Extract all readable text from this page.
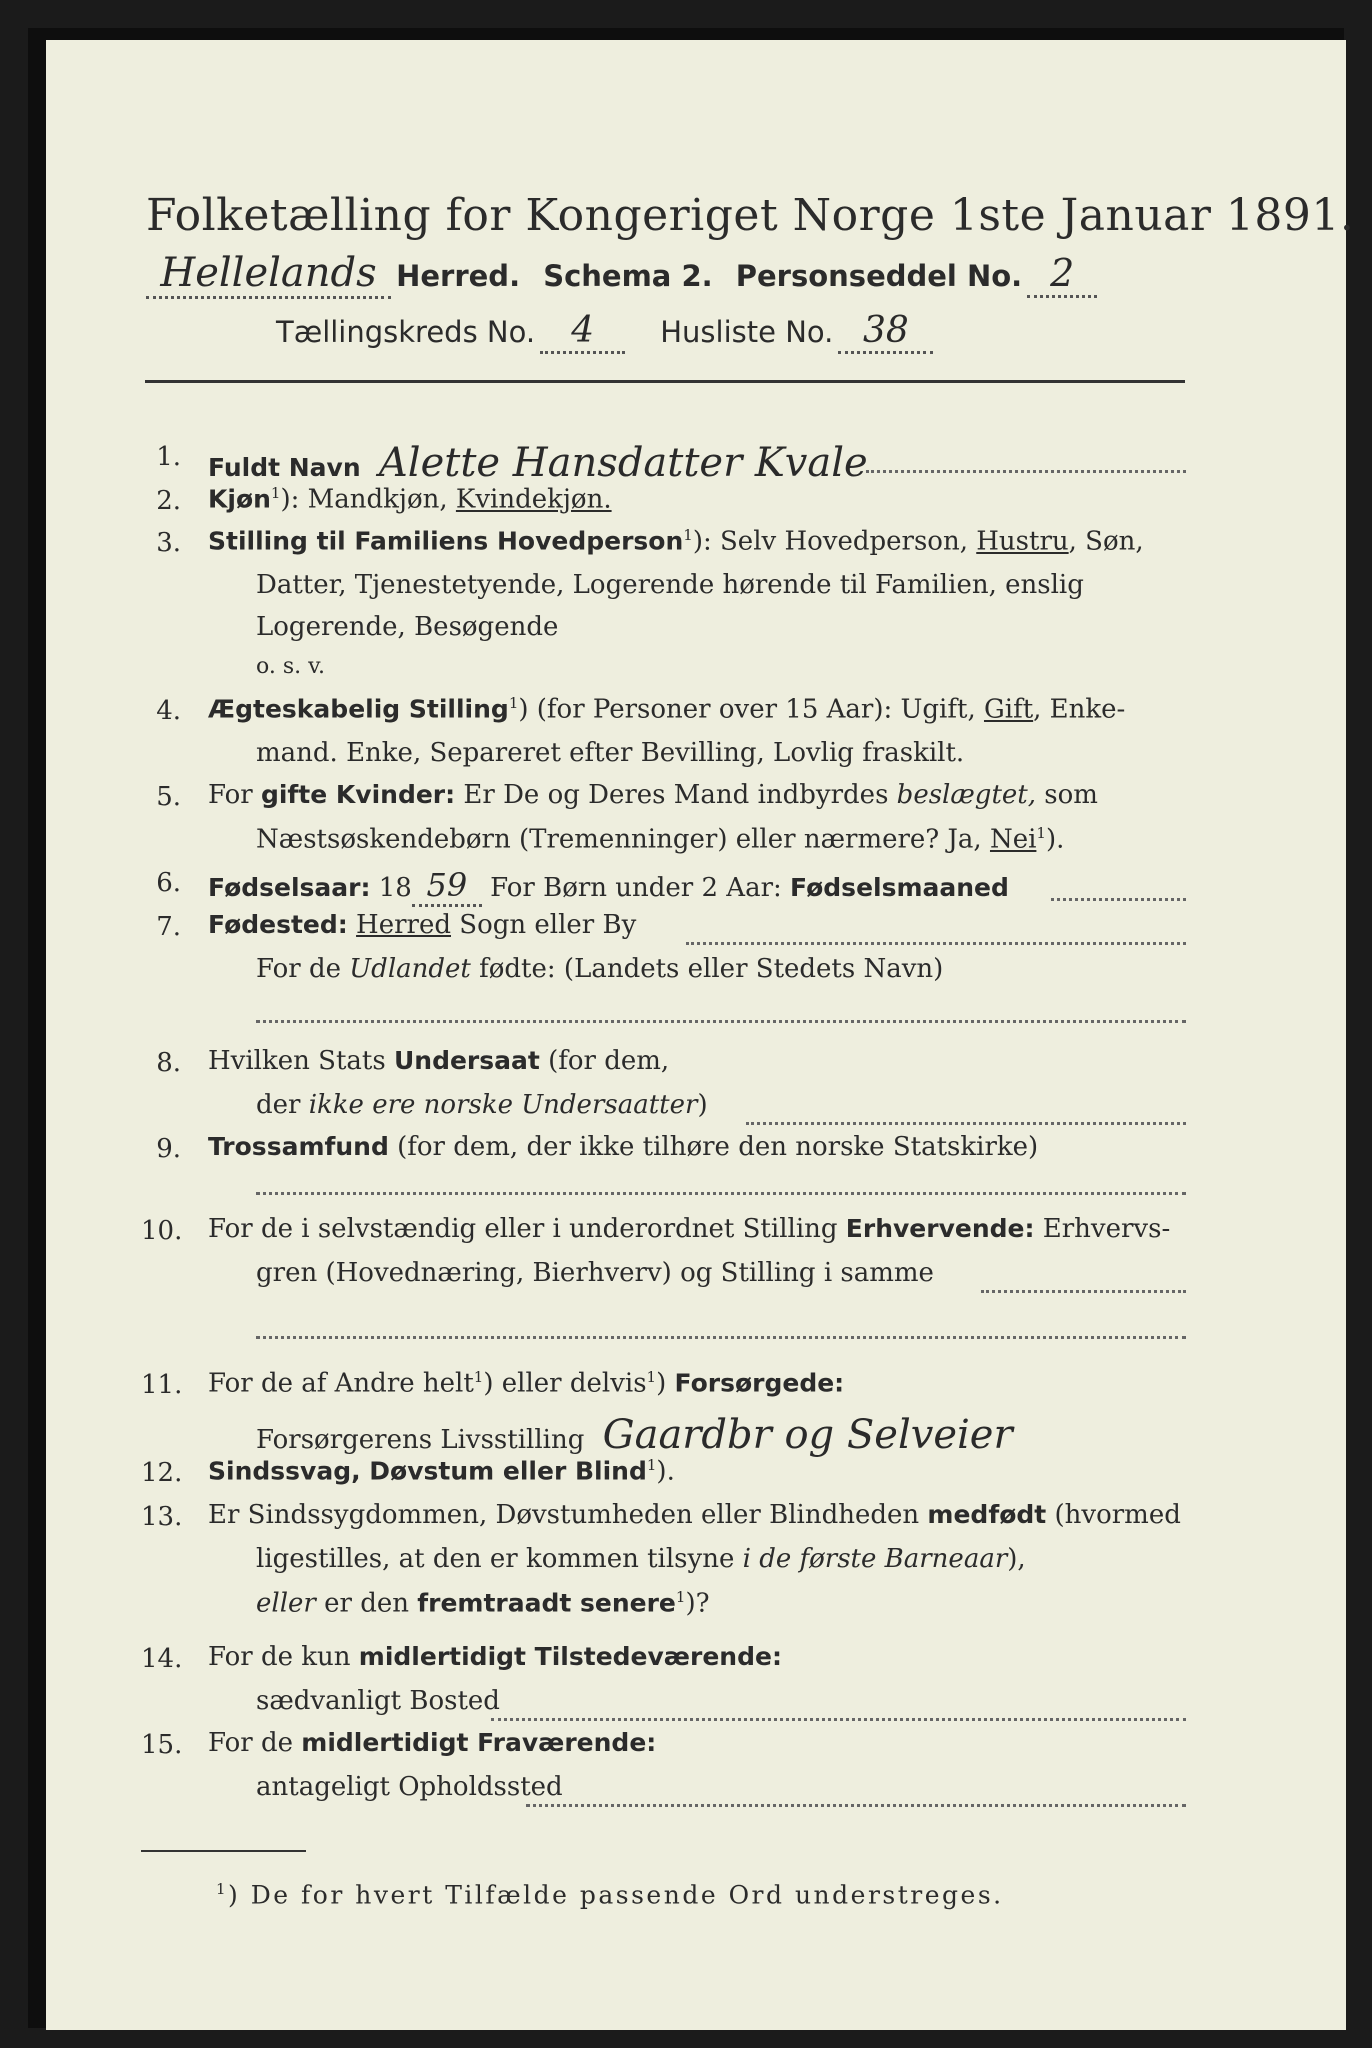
Folketælling for Kongeriget Norge 1ste Januar 1891.
Hellelands Herred. Schema 2. Personseddel No. 2
Tællingskreds No. 4 Husliste No. 38
1. Fuldt Navn Alette Hansdatter Kvale
2. Kjøn$^1$): Mandkjøn, Kvindekjøn.
3. Stilling til Familiens Hovedperson$^1$): Selv Hovedperson, Hustru, Søn,
Datter, Tjenestetyende, Logerende hørende til Familien, enslig
Logerende, Besøgende
o. s. v.
4. Ægteskabelig Stilling$^1$) (for Personer over 15 Aar): Ugift, Gift, Enke-
mand. Enke, Separeret efter Bevilling, Lovlig fraskilt.
5. For gifte Kvinder: Er De og Deres Mand indbyrdes beslægtet, som
Næstsøskendebørn (Tremenninger) eller nærmere? Ja, Nei$^1$).
6. Fødselsaar: 18 59 For Børn under 2 Aar: Fødselsmaaned
7. Fødested: Herred Sogn eller By
For de Udlandet fødte: (Landets eller Stedets Navn)
8. Hvilken Stats Undersaat (for dem,
der ikke ere norske Undersaatter)
9. Trossamfund (for dem, der ikke tilhøre den norske Statskirke)
10. For de i selvstændig eller i underordnet Stilling Erhvervende: Erhvervs-
gren (Hovednæring, Bierhverv) og Stilling i samme
11. For de af Andre helt$^1$) eller delvis$^1$) Forsørgede:
Forsørgerens Livsstilling Gaardbr og Selveier
12. Sindssvag, Døvstum eller Blind$^1$).
13. Er Sindssygdommen, Døvstumheden eller Blindheden medfødt (hvormed
ligestilles, at den er kommen tilsyne i de første Barneaar),
eller er den fremtraadt senere$^1$)?
14. For de kun midlertidigt Tilstedeværende:
sædvanligt Bosted
15. For de midlertidigt Fraværende:
antageligt Opholdssted
$^1$) De for hvert Tilfælde passende Ord understreges.
